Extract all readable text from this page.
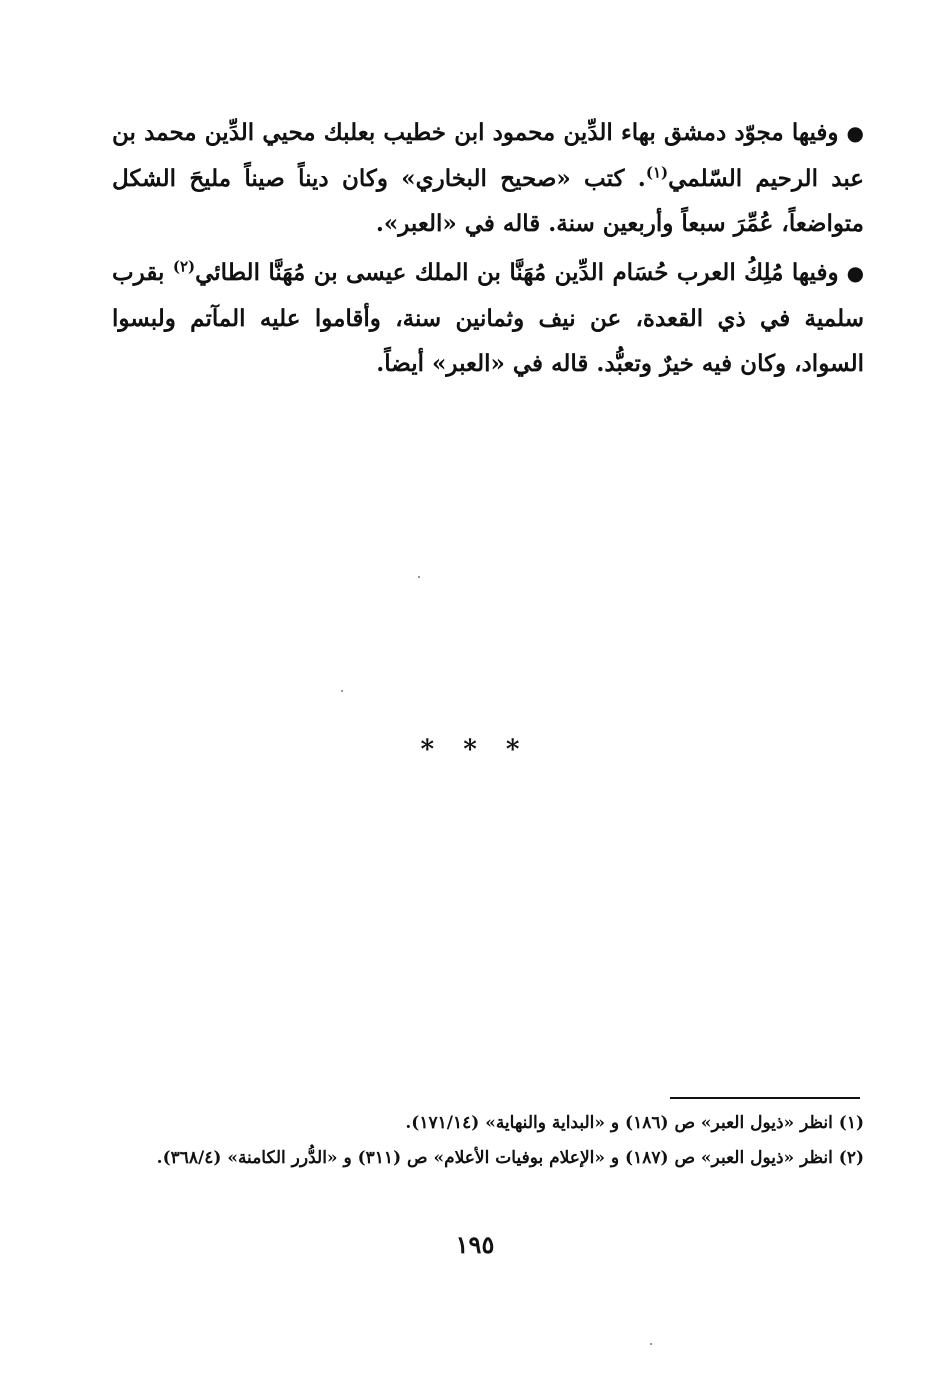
●وفيها مجوّد دمشق بهاء الدِّين محمود ابن خطيب بعلبك محيي الدِّين محمد بن عبد الرحيم السّلمي$^{(١)}$. كتب «صحيح البخاري» وكان ديناً صيناً مليحَ الشكل متواضعاً، عُمِّرَ سبعاً وأربعين سنة. قاله في «العبر».

●وفيها مُلِكُ العرب حُسَام الدِّين مُهَنَّا بن الملك عيسى بن مُهَنَّا الطائي$^{(٢)}$ بقرب سلمية في ذي القعدة، عن نيف وثمانين سنة، وأقاموا عليه المآتم ولبسوا السواد، وكان فيه خيرٌ وتعبُّد. قاله في «العبر» أيضاً.

* * *

(١) انظر «ذيول العبر» ص (١٨٦) و «البداية والنهاية» (١٧١/١٤).

(٢) انظر «ذيول العبر» ص (١٨٧) و «الإعلام بوفيات الأعلام» ص (٣١١) و «الدُّرر الكامنة» (٣٦٨/٤).

١٩٥
